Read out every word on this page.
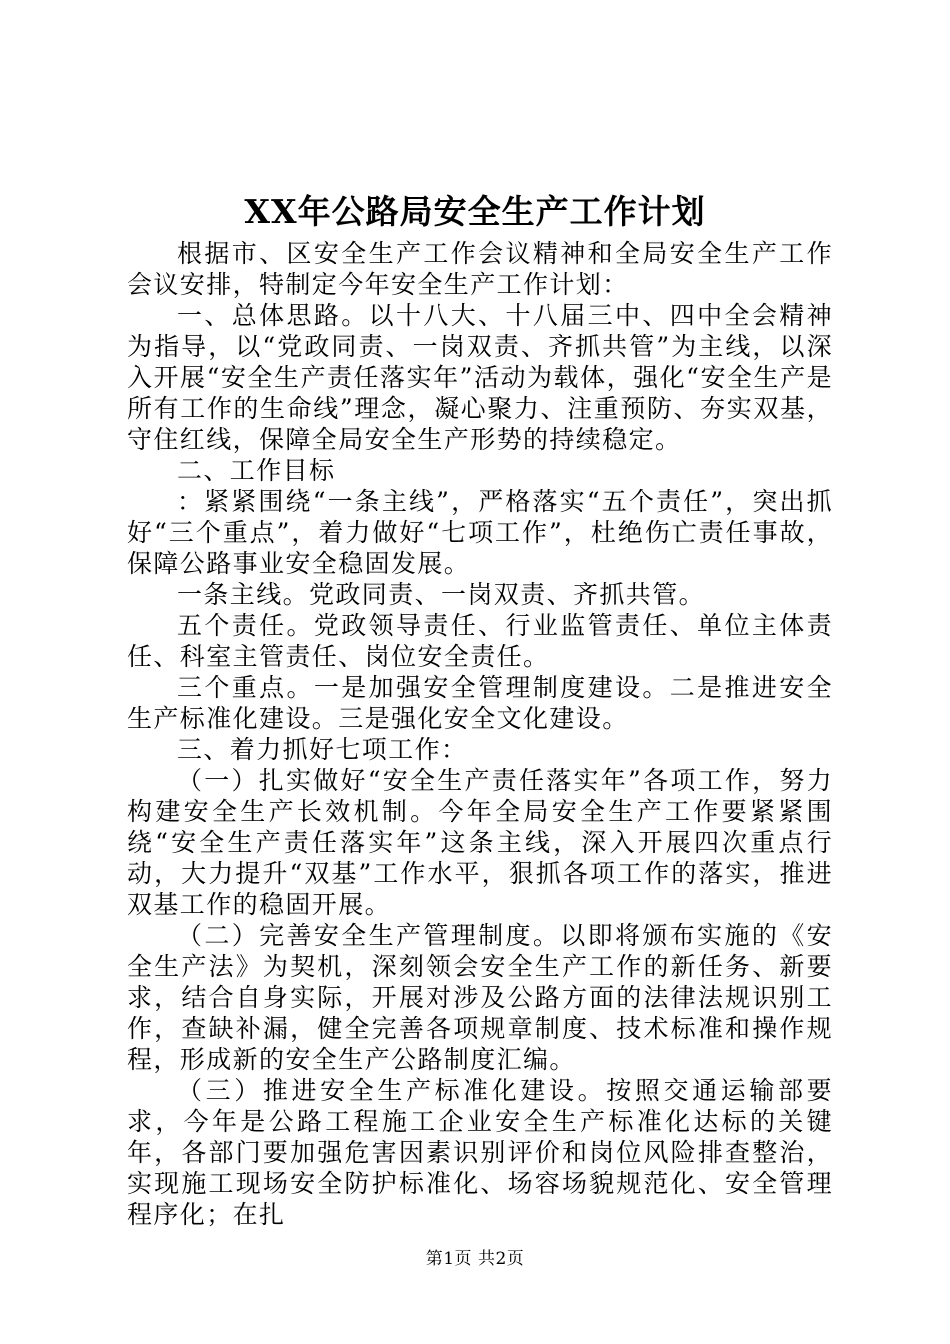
XX年公路局安全生产工作计划

根据市、区安全生产工作会议精神和全局安全生产工作会议安排，特制定今年安全生产工作计划：

一、总体思路。以十八大、十八届三中、四中全会精神为指导，以“党政同责、一岗双责、齐抓共管”为主线，以深入开展“安全生产责任落实年”活动为载体，强化“安全生产是所有工作的生命线”理念，凝心聚力、注重预防、夯实双基，守住红线，保障全局安全生产形势的持续稳定。

二、工作目标

：紧紧围绕“一条主线”，严格落实“五个责任”，突出抓好“三个重点”，着力做好“七项工作”，杜绝伤亡责任事故，保障公路事业安全稳固发展。

一条主线。党政同责、一岗双责、齐抓共管。

五个责任。党政领导责任、行业监管责任、单位主体责任、科室主管责任、岗位安全责任。

三个重点。一是加强安全管理制度建设。二是推进安全生产标准化建设。三是强化安全文化建设。

三、着力抓好七项工作：

（一）扎实做好“安全生产责任落实年”各项工作，努力构建安全生产长效机制。今年全局安全生产工作要紧紧围绕“安全生产责任落实年”这条主线，深入开展四次重点行动，大力提升“双基”工作水平，狠抓各项工作的落实，推进双基工作的稳固开展。

（二）完善安全生产管理制度。以即将颁布实施的《安全生产法》为契机，深刻领会安全生产工作的新任务、新要求，结合自身实际，开展对涉及公路方面的法律法规识别工作，查缺补漏，健全完善各项规章制度、技术标准和操作规程，形成新的安全生产公路制度汇编。

（三）推进安全生产标准化建设。按照交通运输部要求，今年是公路工程施工企业安全生产标准化达标的关键年，各部门要加强危害因素识别评价和岗位风险排查整治，实现施工现场安全防护标准化、场容场貌规范化、安全管理程序化；在扎

第1页 共2页
